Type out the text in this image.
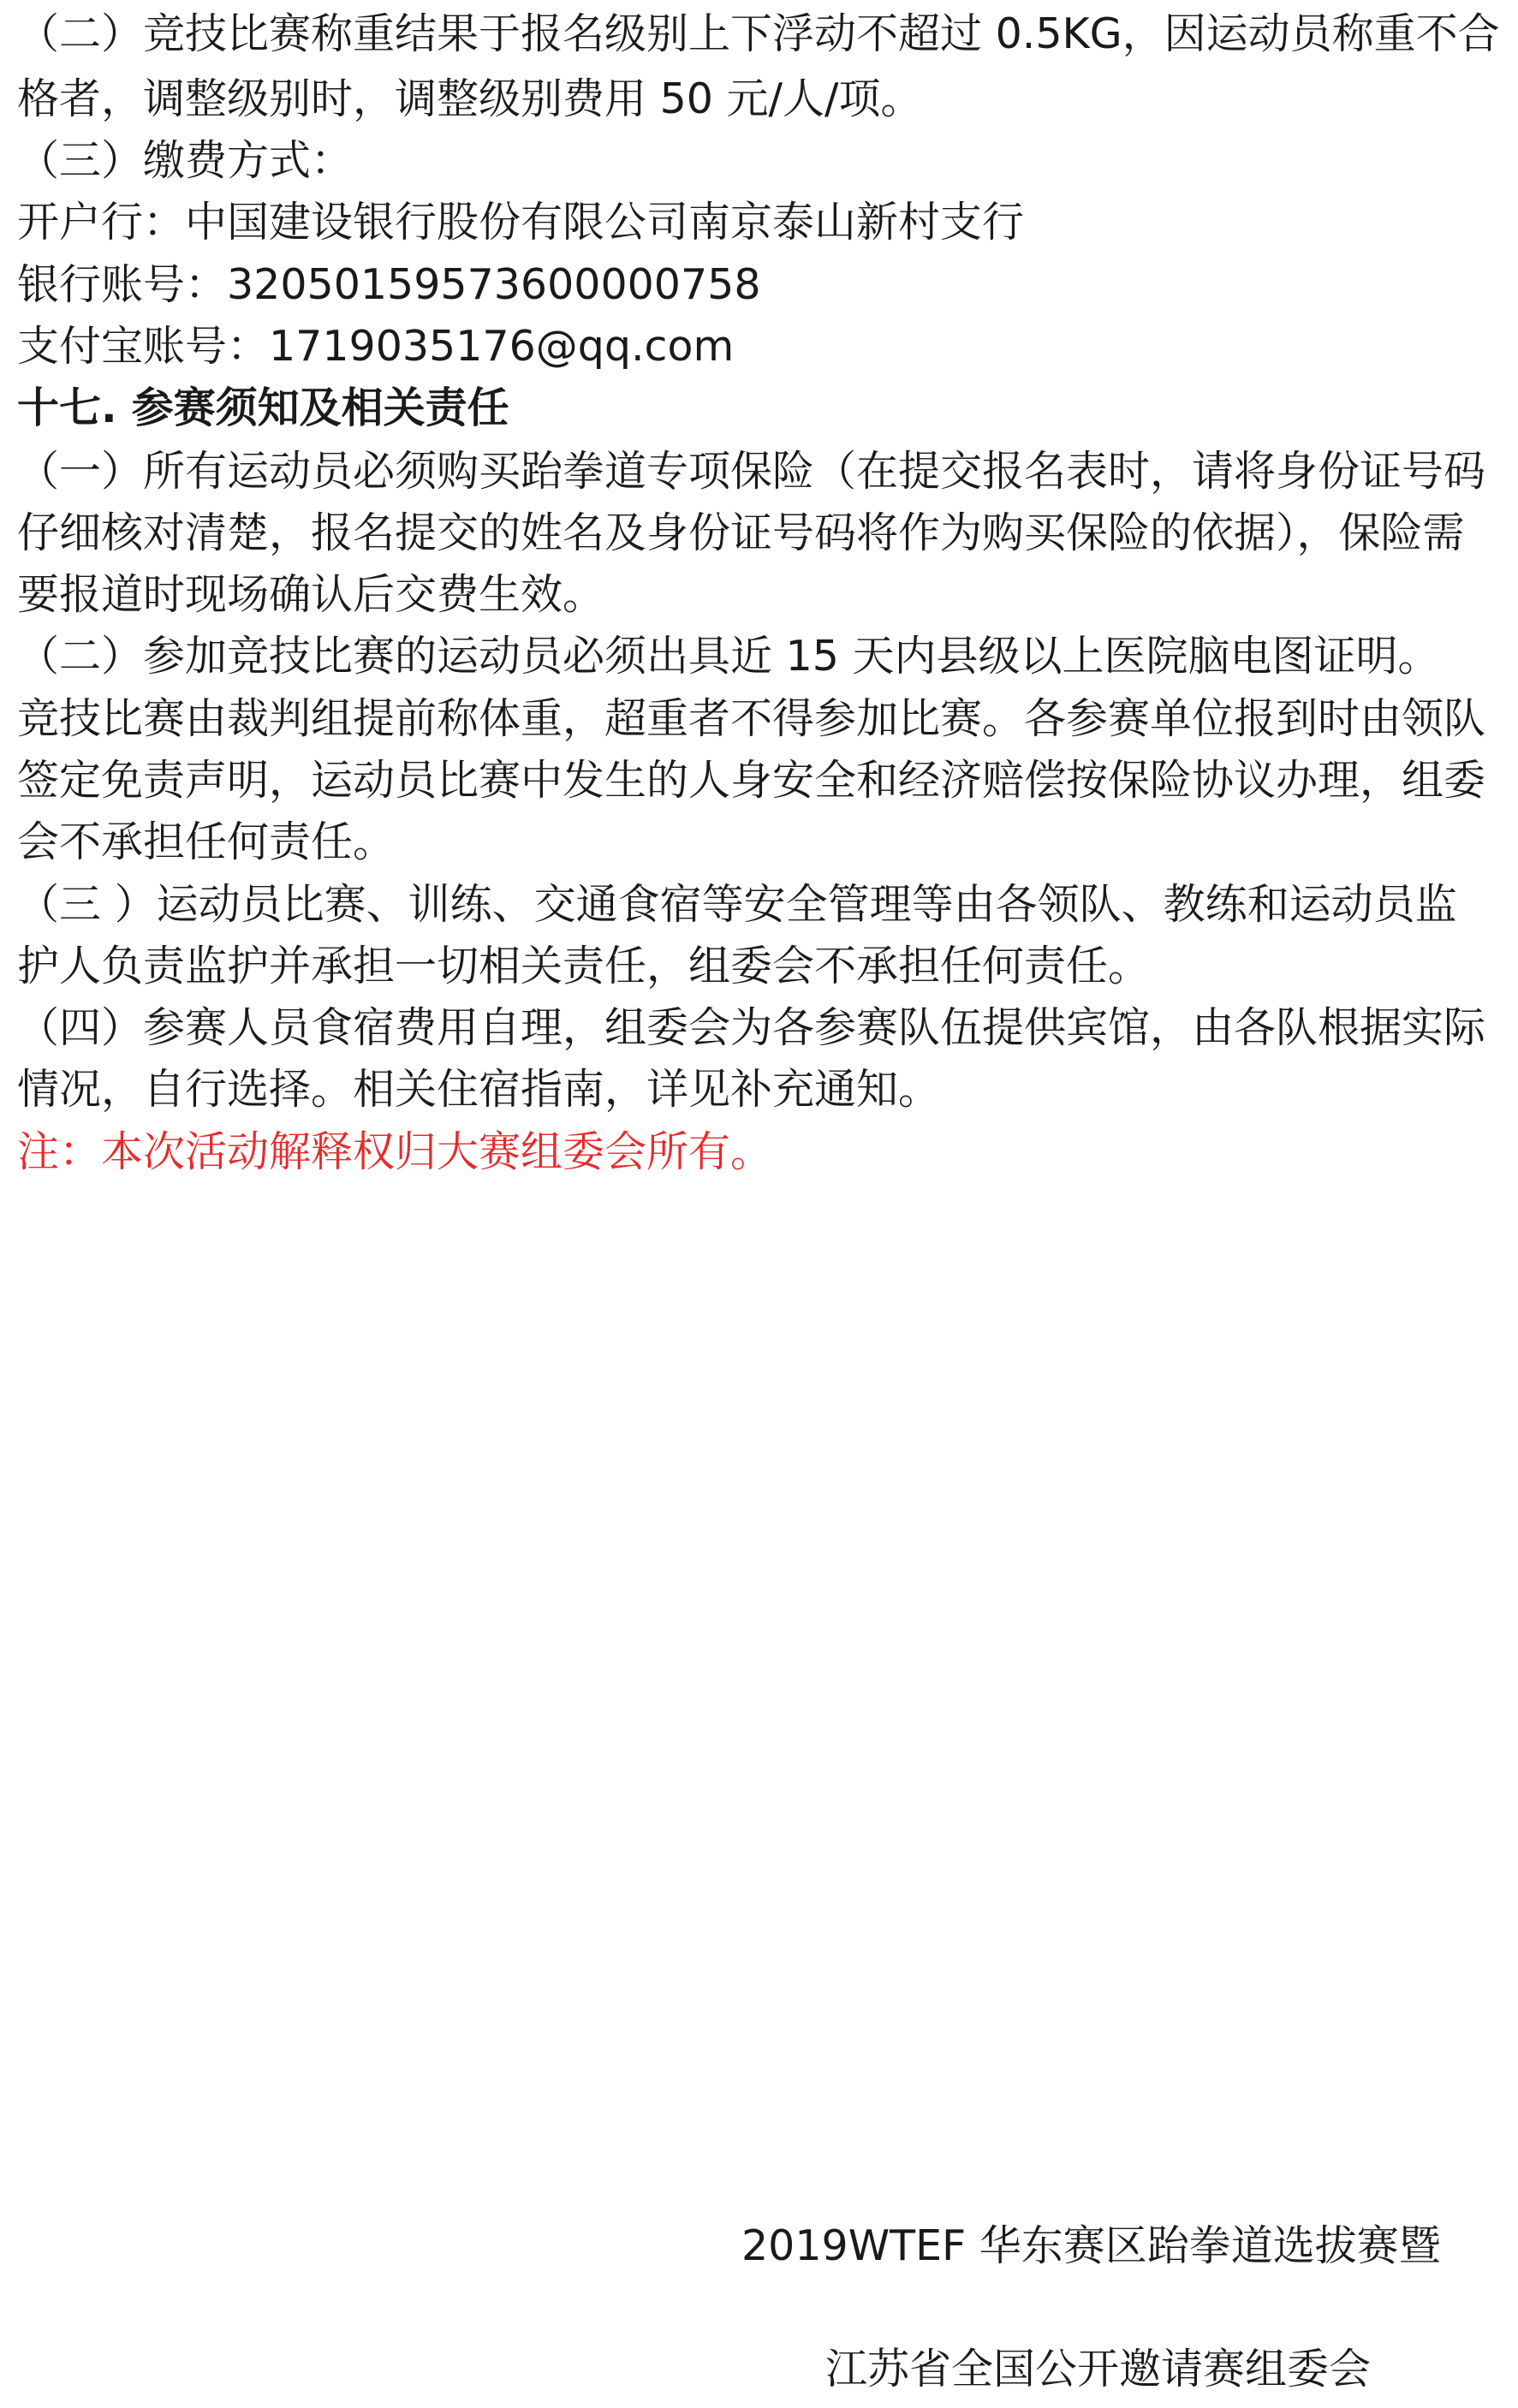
（二）竞技比赛称重结果于报名级别上下浮动不超过 0.5KG，因运动员称重不合
格者，调整级别时，调整级别费用 50 元/人/项。
（三）缴费方式：
开户行：中国建设银行股份有限公司南京泰山新村支行
银行账号：32050159573600000758
支付宝账号：1719035176@qq.com
十七. 参赛须知及相关责任
（一）所有运动员必须购买跆拳道专项保险（在提交报名表时，请将身份证号码
仔细核对清楚，报名提交的姓名及身份证号码将作为购买保险的依据），保险需
要报道时现场确认后交费生效。
（二）参加竞技比赛的运动员必须出具近 15 天内县级以上医院脑电图证明。
竞技比赛由裁判组提前称体重，超重者不得参加比赛。各参赛单位报到时由领队
签定免责声明，运动员比赛中发生的人身安全和经济赔偿按保险协议办理，组委
会不承担任何责任。
（三 ）运动员比赛、训练、交通食宿等安全管理等由各领队、教练和运动员监
护人负责监护并承担一切相关责任，组委会不承担任何责任。
（四）参赛人员食宿费用自理，组委会为各参赛队伍提供宾馆，由各队根据实际
情况，自行选择。相关住宿指南，详见补充通知。
注：本次活动解释权归大赛组委会所有。
2019WTEF 华东赛区跆拳道选拔赛暨
江苏省全国公开邀请赛组委会
